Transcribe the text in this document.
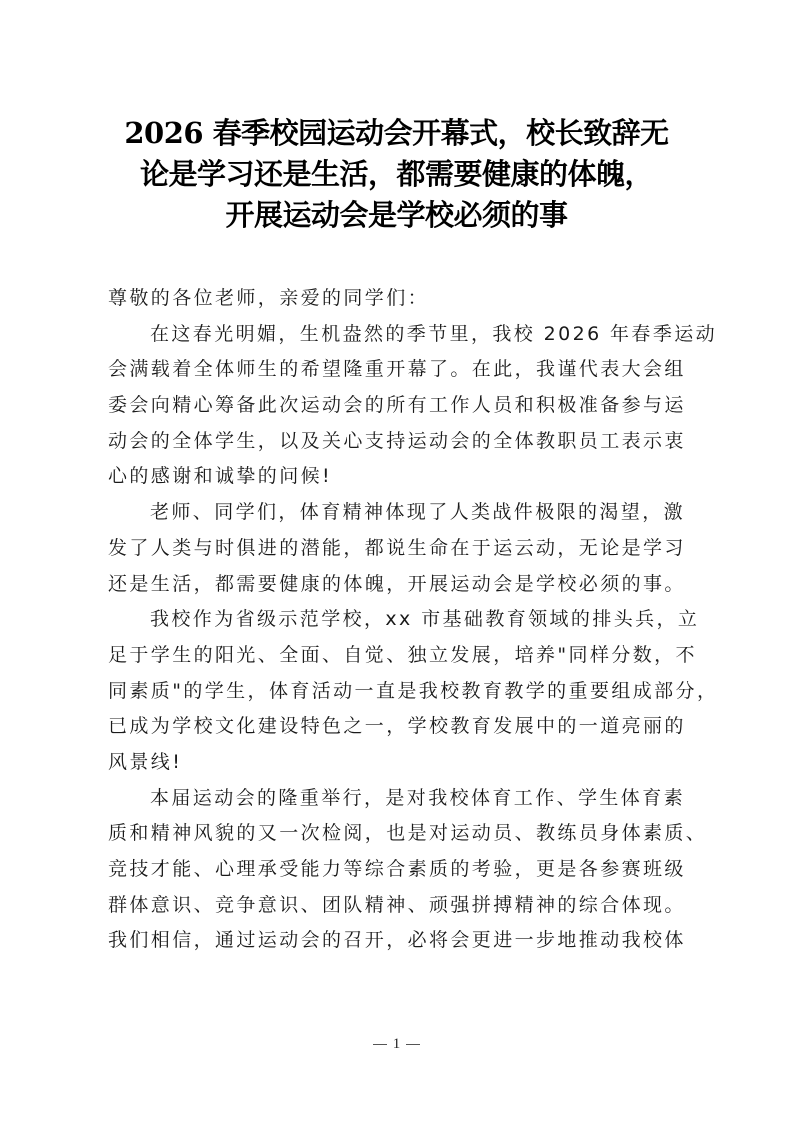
2026 春季校园运动会开幕式，校长致辞无
论是学习还是生活，都需要健康的体魄，
开展运动会是学校必须的事
尊敬的各位老师，亲爱的同学们：
在这春光明媚，生机盎然的季节里，我校 2026 年春季运动
会满载着全体师生的希望隆重开幕了。在此，我谨代表大会组
委会向精心筹备此次运动会的所有工作人员和积极准备参与运
动会的全体学生，以及关心支持运动会的全体教职员工表示衷
心的感谢和诚挚的问候!
老师、同学们，体育精神体现了人类战件极限的渴望，激
发了人类与时俱进的潜能，都说生命在于运云动，无论是学习
还是生活，都需要健康的体魄，开展运动会是学校必须的事。
我校作为省级示范学校，xx 市基础教育领域的排头兵，立
足于学生的阳光、全面、自觉、独立发展，培养"同样分数，不
同素质"的学生，体育活动一直是我校教育教学的重要组成部分，
已成为学校文化建设特色之一，学校教育发展中的一道亮丽的
风景线!
本届运动会的隆重举行，是对我校体育工作、学生体育素
质和精神风貌的又一次检阅，也是对运动员、教练员身体素质、
竞技才能、心理承受能力等综合素质的考验，更是各参赛班级
群体意识、竞争意识、团队精神、顽强拼搏精神的综合体现。
我们相信，通过运动会的召开，必将会更进一步地推动我校体
1
